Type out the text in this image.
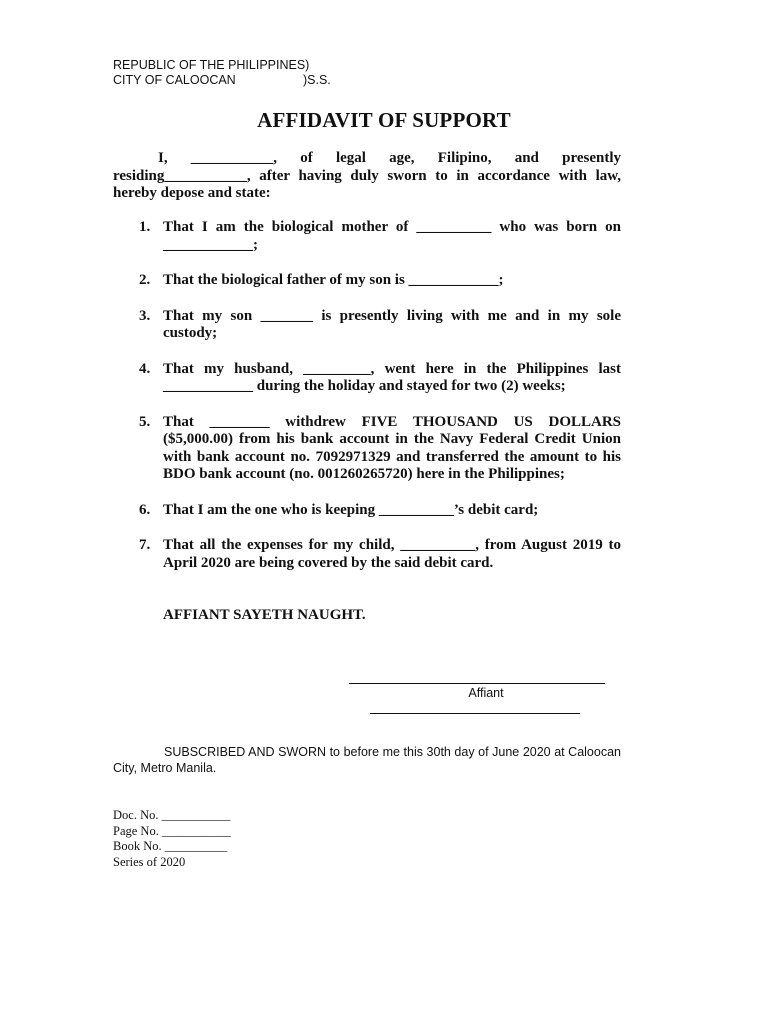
REPUBLIC OF THE PHILIPPINES)
CITY OF CALOOCAN	)S.S.
AFFIDAVIT OF SUPPORT
I, ___________, of legal age, Filipino, and presently residing___________, after having duly sworn to in accordance with law, hereby depose and state:
1. That I am the biological mother of __________ who was born on ____________;
2. That the biological father of my son is ____________;
3. That my son _______ is presently living with me and in my sole custody;
4. That my husband, _________, went here in the Philippines last ____________ during the holiday and stayed for two (2) weeks;
5. That ________ withdrew FIVE THOUSAND US DOLLARS ($5,000.00) from his bank account in the Navy Federal Credit Union with bank account no. 7092971329 and transferred the amount to his BDO bank account (no. 001260265720) here in the Philippines;
6. That I am the one who is keeping __________’s debit card;
7. That all the expenses for my child, __________, from August 2019 to April 2020 are being covered by the said debit card.
AFFIANT SAYETH NAUGHT.
Affiant
SUBSCRIBED AND SWORN to before me this 30th day of June 2020 at Caloocan City, Metro Manila.
Doc. No. ___________
Page No. ___________
Book No. __________
Series of 2020
